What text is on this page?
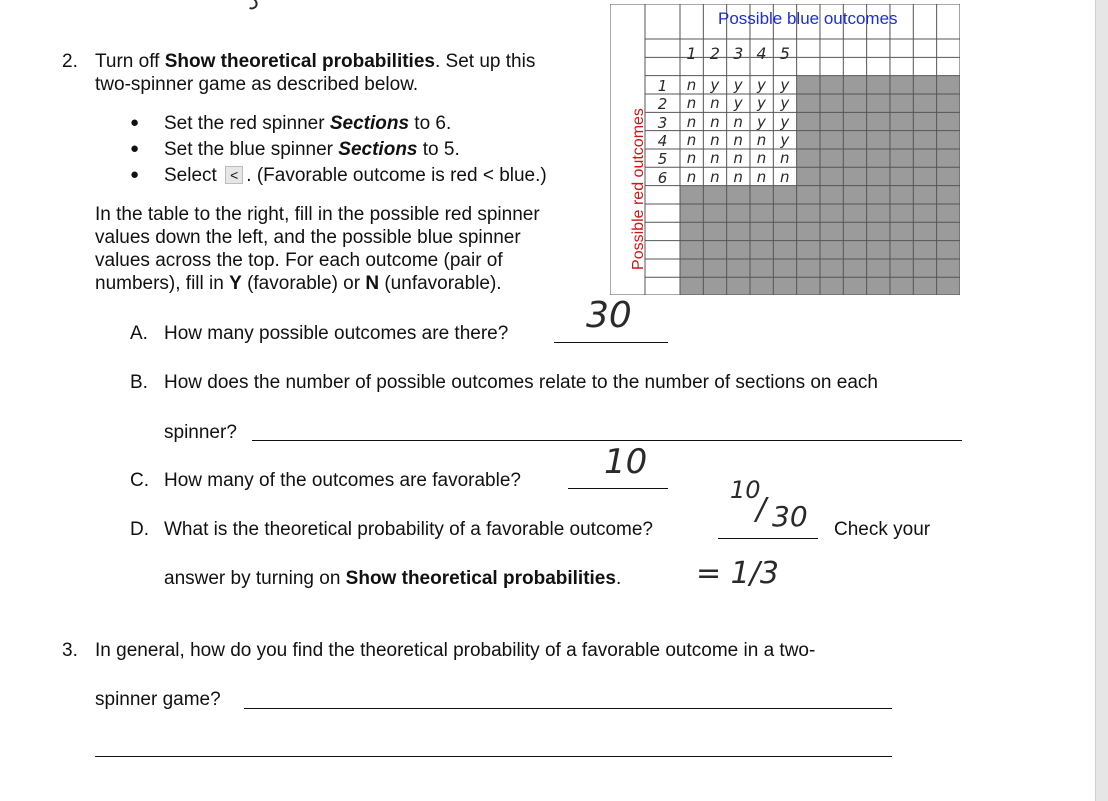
ﺩ
2. Turn off Show theoretical probabilities. Set up this
two-spinner game as described below.
● Set the red spinner Sections to 6.
● Set the blue spinner Sections to 5.
● Select < . (Favorable outcome is red < blue.)
In the table to the right, fill in the possible red spinner
values down the left, and the possible blue spinner
values across the top. For each outcome (pair of
numbers), fill in Y (favorable) or N (unfavorable).
Possible blue outcomes
Possible red outcomes
1 2 3 4 5
1
2
3
4
5
6
n y y y y
n n y y y
n n n y y
n n n n y
n n n n n
n n n n n
A. How many possible outcomes are there? 30
B. How does the number of possible outcomes relate to the number of sections on each
spinner?
C. How many of the outcomes are favorable? 10
D. What is the theoretical probability of a favorable outcome?
10
/ 30 Check your
answer by turning on Show theoretical probabilities. = 1/3
3. In general, how do you find the theoretical probability of a favorable outcome in a two-
spinner game?
